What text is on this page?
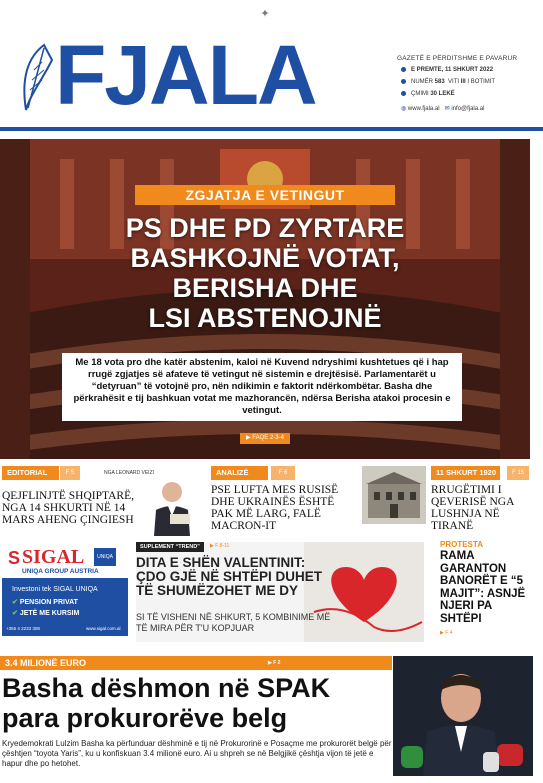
✦
FJALA	GAZETË E PËRDITSHME E PAVARUR
E PREMTE, 11 SHKURT 2022
NUMËR 583 VITI III I BOTIMIT
ÇMIMI 30 LEKË
◍ www.fjala.al ✉ info@fjala.al
ZGJATJA E VETINGUT
PS DHE PD ZYRTARE
BASHKOJNË VOTAT,
BERISHA DHE
LSI ABSTENOJNË
Me 18 vota pro dhe katër abstenim, kaloi në Kuvend ndryshimi kushtetues që i hap rrugë zgjatjes së afateve të vetingut në sistemin e drejtësisë. Parlamentarët u “detyruan” të votojnë pro, nën ndikimin e faktorit ndërkombëtar. Basha dhe përkrahësit e tij bashkuan votat me mazhorancën, ndërsa Berisha atakoi procesin e vetingut.
▶ FAQE 2-3-4
EDITORIAL	F 5
QEJFLINJTË SHQIPTARË, NGA 14 SHKURTI NË 14 MARS AHENG ÇINGIESH
NGA LEONARD VEIZI	ANALIZË	F 6
PSE LUFTA MES RUSISË DHE UKRAINËS ËSHTË PAK MË LARG, FALË MACRON-IT
11 SHKURT 1920	F 15
RRUGËTIMI I QEVERISË NGA LUSHNJA NË TIRANË
S SIGAL	UNIQA
UNIQA GROUP AUSTRIA
Investoni tek SIGAL UNIQA
✔ PENSION PRIVAT
✔ JETË ME KURSIM
+355 4 2233 308	www.sigal.com.al
SUPLEMENT “TREND”	▶ F 8-11
DITA E SHËN VALENTINIT: ÇDO GJË NË SHTËPI DUHET TË SHUMËZOHET ME DY
SI TË VISHENI NË SHKURT, 5 KOMBINIME MË TË MIRA PËR T'U KOPJUAR
PROTESTA
RAMA GARANTON BANORËT E “5 MAJIT”: ASNJË NJERI PA SHTËPI
▶ F 4
3.4 MILIONË EURO	▶ F 2
Basha dëshmon në SPAK
para prokurorëve belg
Kryedemokrati Lulzim Basha ka përfunduar dëshminë e tij në Prokurorinë e Posaçme me prokurorët belgë për çështjen “toyota Yaris”, ku u konfiskuan 3.4 milionë euro. Ai u shpreh se në Belgjikë çështja vijon të jetë e hapur dhe po hetohet.
